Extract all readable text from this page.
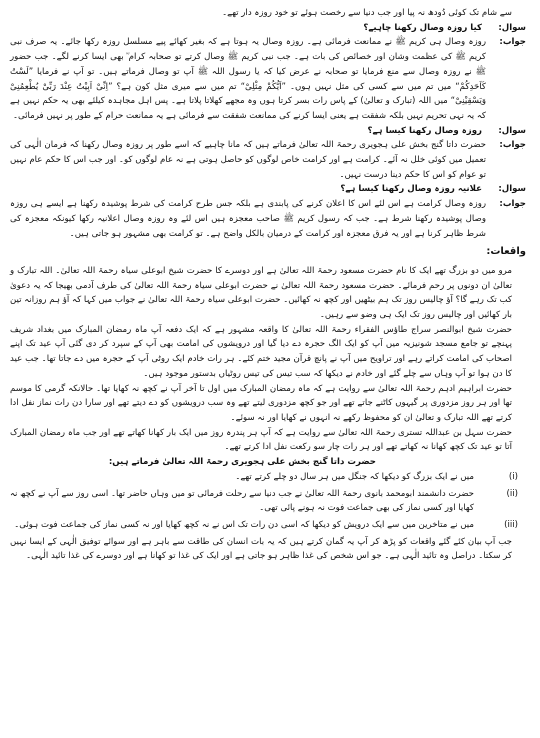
سے شام تک کوئی دُودھ نہ پیا اور جب دنیا سے رخصت ہوئے تو خود روزہ دار تھے۔

سوال:
کیا روزہ وصال رکھنا چاہیے؟
جواب:
روزہ وصال ہی کریم ﷺ نے ممانعت فرمائی ہے۔ روزہ وصال یہ ہوتا ہے کہ بغیر کھائے پیے مسلسل روزہ رکھا جائے۔ یہ صرف نبی کریم ﷺ کی عظمت وشان اور خصائص کی بات ہے۔ جب نبی کریم ﷺ وصال کرتے تو صحابہ کرام ؓ بھی ایسا کرنے لگے۔ جب حضور ﷺ نے روزہ وصال سے منع فرمایا تو صحابہ نے عرض کیا کہ یا رسول اللہ ﷺ آپ تو وصال فرماتے ہیں۔ تو آپ نے فرمایا ”لَسْتُ کَاَحَدِکُمْ“ میں تم میں سے کسی کی مثل نہیں ہوں۔ ”اَیُّکُمْ مِثْلِیْ“ تم میں سے میری مثل کون ہے؟ ”اِنِّیْ اَبِیْتُ عِنْدَ رَبِّیْ یُطْعِمُنِیْ وَیَسْقِیْنِیْ“ میں اللہ (تبارک و تعالیٰ) کے پاس رات بسر کرتا ہوں وہ مجھے کھلاتا پلاتا ہے۔ پس اہل مجاہدہ کیلئے بھی یہ حکم نہیں ہے کہ یہ نہی تحریم نہیں بلکہ شفقت ہے یعنی ایسا کرنے کی ممانعت شفقت سے فرمائی ہے یہ ممانعت حرام کے طور پر نہیں فرمائی۔
سوال:
روزہ وصال رکھنا کیسا ہے؟
جواب:
حضرت داتا گنج بخش علی ہجویری رحمۃ اللہ تعالیٰ فرماتے ہیں کہ مانا چاہیے کہ اسے طور پر روزہ وصال رکھنا کہ فرمان الٰہی کی تعمیل میں کوئی خلل نہ آئے۔ کرامت ہے اور کرامت خاص لوگوں کو حاصل ہوتی ہے نہ عام لوگوں کو۔ اور جب اس کا حکم عام نہیں تو عوام کو اس کا حکم دینا درست نہیں۔
سوال:
علانیہ روزہ وصال رکھنا کیسا ہے؟
جواب:
روزہ وصال کرامت ہے اس لئے اس کا اعلان کرنے کی پابندی ہے بلکہ جس طرح کرامت کی شرط پوشیدہ رکھنا ہے ایسے ہی روزہ وصال پوشیدہ رکھنا شرط ہے۔ جب کہ رسول کریم ﷺ صاحب معجزہ ہیں اس لئے وہ روزہ وصال اعلانیہ رکھا کیونکہ معجزہ کی شرط ظاہر کرنا ہے اور یہ فرق معجزہ اور کرامت کے درمیان بالکل واضح ہے۔ تو کرامت بھی مشہور ہو جاتی ہیں۔
واقعات:

مرو میں دو بزرگ تھے ایک کا نام حضرت مسعود رحمۃ اللہ تعالیٰ ہے اور دوسرے کا حضرت شیخ ابوعلی سیاہ رحمۃ اللہ تعالیٰ۔ اللہ تبارک و تعالیٰ ان دونوں پر رحم فرمائے۔ حضرت مسعود رحمۃ اللہ تعالیٰ نے حضرت ابوعلی سیاہ رحمۃ اللہ تعالیٰ کی طرف آدمی بھیجا کہ یہ دعویٰ کب تک رہے گا؟ آؤ چالیس روز تک ہم بیٹھیں اور کچھ نہ کھائیں۔ حضرت ابوعلی سیاہ رحمۃ اللہ تعالیٰ نے جواب میں کہا کہ آؤ ہم روزانہ تین بار کھائیں اور چالیس روز تک ایک ہی وضو سے رہیں۔

حضرت شیخ ابوالنصر سراج طاؤس الفقراء رحمۃ اللہ تعالیٰ کا واقعہ مشہور ہے کہ ایک دفعہ آپ ماہ رمضان المبارک میں بغداد شریف پہنچے تو جامع مسجد شونیزیہ میں آپ کو ایک الگ حجرہ دے دیا گیا اور درویشوں کی امامت بھی آپ کے سپرد کر دی گئی آپ عید تک اپنے اصحاب کی امامت کراتے رہے اور تراویح میں آپ نے پانچ قرآن مجید ختم کئے۔ ہر رات خادم ایک روٹی آپ کے حجرہ میں دے جاتا تھا۔ جب عید کا دن ہوا تو آپ وہاں سے چلے گئے اور خادم نے دیکھا کہ سب تیس کی تیس روٹیاں بدستور موجود ہیں۔

حضرت ابراہیم ادہم رحمۃ اللہ تعالیٰ سے روایت ہے کہ ماہ رمضان المبارک میں اول تا آخر آپ نے کچھ نہ کھایا تھا۔ حالانکہ گرمی کا موسم تھا اور ہر روز مزدوری پر گیہوں کاٹنے جاتے تھے اور جو کچھ مزدوری لیتے تھے وہ سب درویشوں کو دے دیتے تھے اور سارا دن رات نماز نفل ادا کرتے تھے اللہ تبارک و تعالیٰ ان کو محفوظ رکھے نہ انہوں نے کھایا اور نہ سوئے۔

حضرت سہل بن عبداللہ تستری رحمۃ اللہ تعالیٰ سے روایت ہے کہ آپ ہر پندرہ روز میں ایک بار کھانا کھاتے تھے اور جب ماہ رمضان المبارک آتا تو عید تک کچھ کھانا نہ کھاتے تھے اور ہر رات چار سو رکعت نفل ادا کرتے تھے۔

حضرت داتا گنج بخش علی ہجویری رحمۃ اللہ تعالیٰ فرماتے ہیں:

(i)
میں نے ایک بزرگ کو دیکھا کہ جنگل میں ہر سال دو چلے کرتے تھے۔
(ii)
حضرت دانشمند ابومحمد بانوی رحمۃ اللہ تعالیٰ نے جب دنیا سے رحلت فرمائی تو میں وہاں حاضر تھا۔ اسی روز سے آپ نے کچھ نہ کھایا اور کسی نماز کی بھی جماعت فوت نہ ہونے پائی تھی۔
(iii)
میں نے متاخرین میں سے ایک درویش کو دیکھا کہ اسی دن رات تک اس نے نہ کچھ کھایا اور نہ کسی نماز کی جماعت فوت ہوئی۔

جب آپ بیان کئے گئے واقعات کو پڑھ کر آپ یہ گمان کرتے ہیں کہ یہ بات انسان کی طاقت سے باہر ہے اور سوائے توفیق الٰہی کے ایسا نہیں کر سکتا۔ دراصل وہ تائید الٰہی ہے۔ جو اس شخص کی غذا ظاہر ہو جاتی ہے اور ایک کی غذا تو کھانا ہے اور دوسرے کی غذا تائید الٰہی۔
